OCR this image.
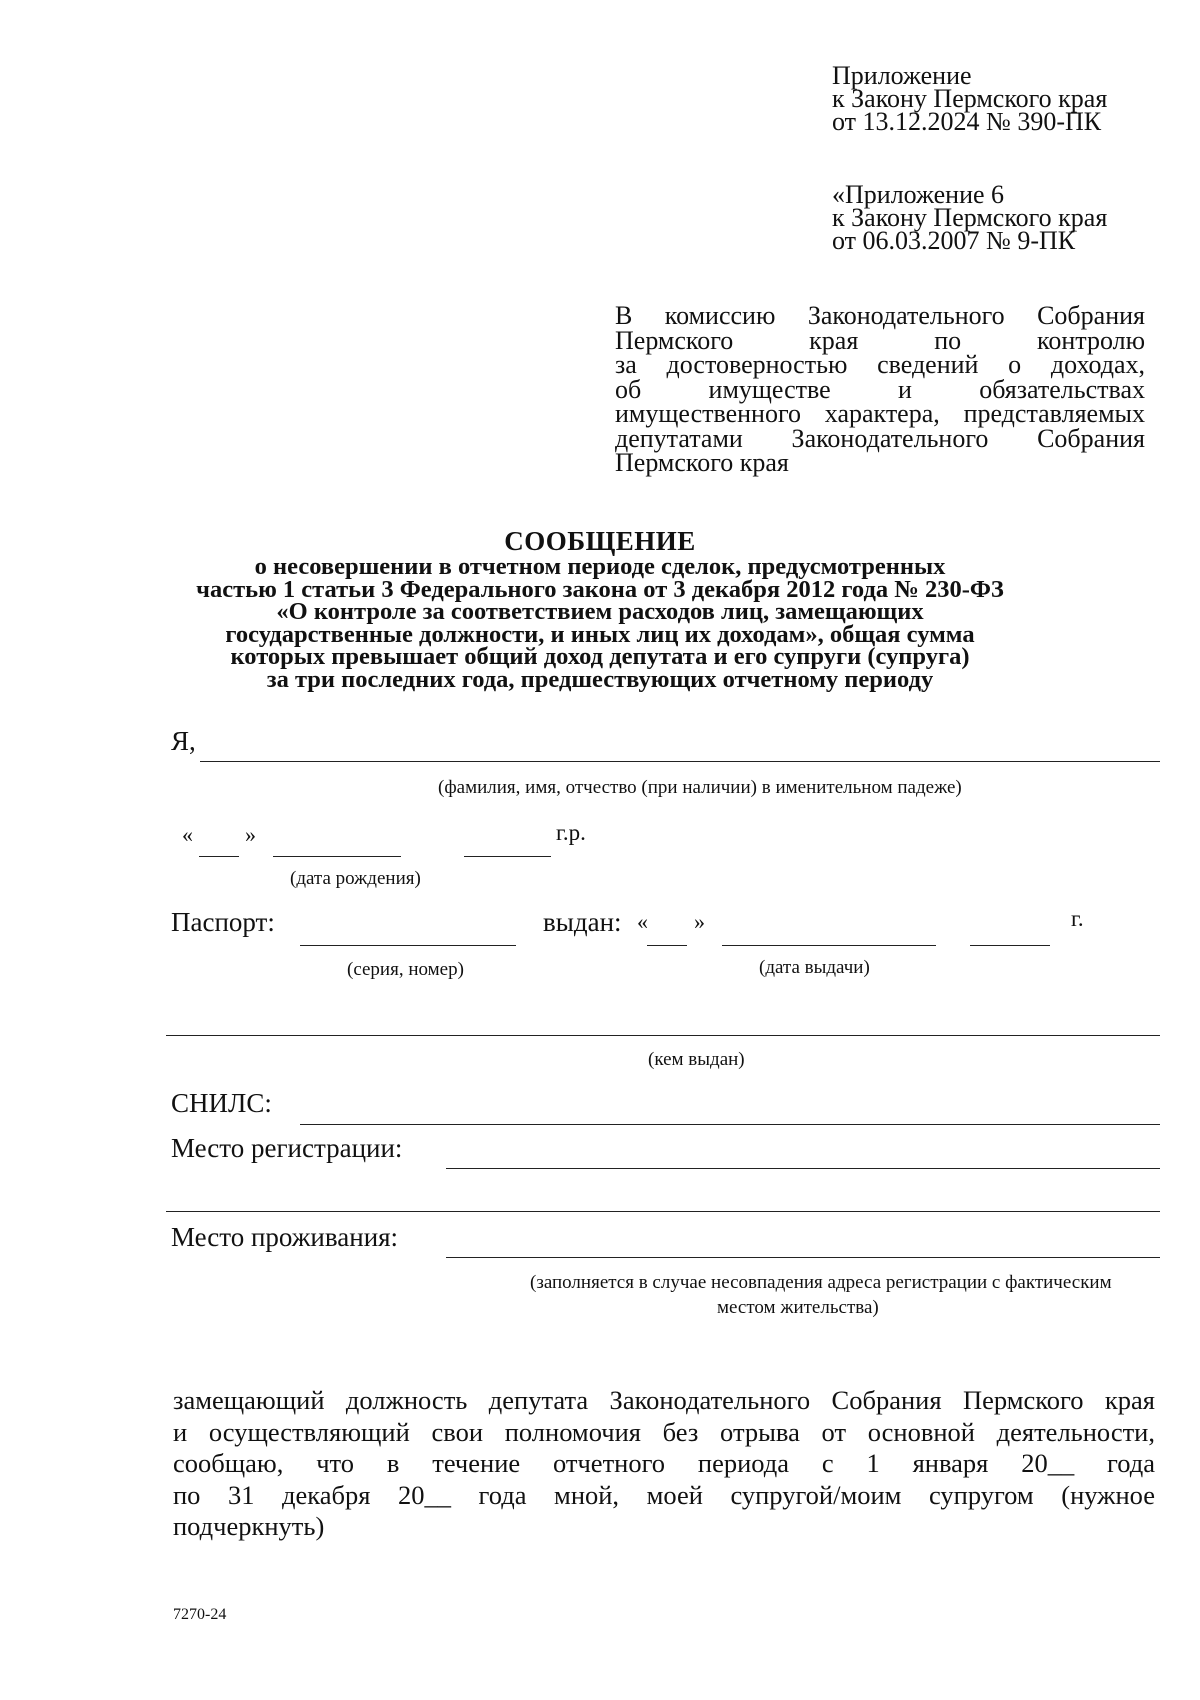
Приложение
к Закону Пермского края
от 13.12.2024 № 390-ПК
«Приложение 6
к Закону Пермского края
от 06.03.2007 № 9-ПК
В комиссию Законодательного Собрания
Пермского края по контролю
за достоверностью сведений о доходах,
об имуществе и обязательствах
имущественного характера, представляемых
депутатами Законодательного Собрания
Пермского края
СООБЩЕНИЕ
о несовершении в отчетном периоде сделок, предусмотренных
частью 1 статьи 3 Федерального закона от 3 декабря 2012 года № 230-ФЗ
«О контроле за соответствием расходов лиц, замещающих
государственные должности, и иных лиц их доходам», общая сумма
которых превышает общий доход депутата и его супруги (супруга)
за три последних года, предшествующих отчетному периоду
Я,
(фамилия, имя, отчество (при наличии) в именительном падеже)
« »	г.р.
(дата рождения)
Паспорт:	выдан: « »	г.
(серия, номер)	(дата выдачи)
(кем выдан)
СНИЛС:
Место регистрации:
Место проживания:
(заполняется в случае несовпадения адреса регистрации с фактическим
местом жительства)
замещающий должность депутата Законодательного Собрания Пермского края
и осуществляющий свои полномочия без отрыва от основной деятельности,
сообщаю, что в течение отчетного периода с 1 января 20__ года
по 31 декабря 20__ года мной, моей супругой/моим супругом (нужное
подчеркнуть)
7270-24
